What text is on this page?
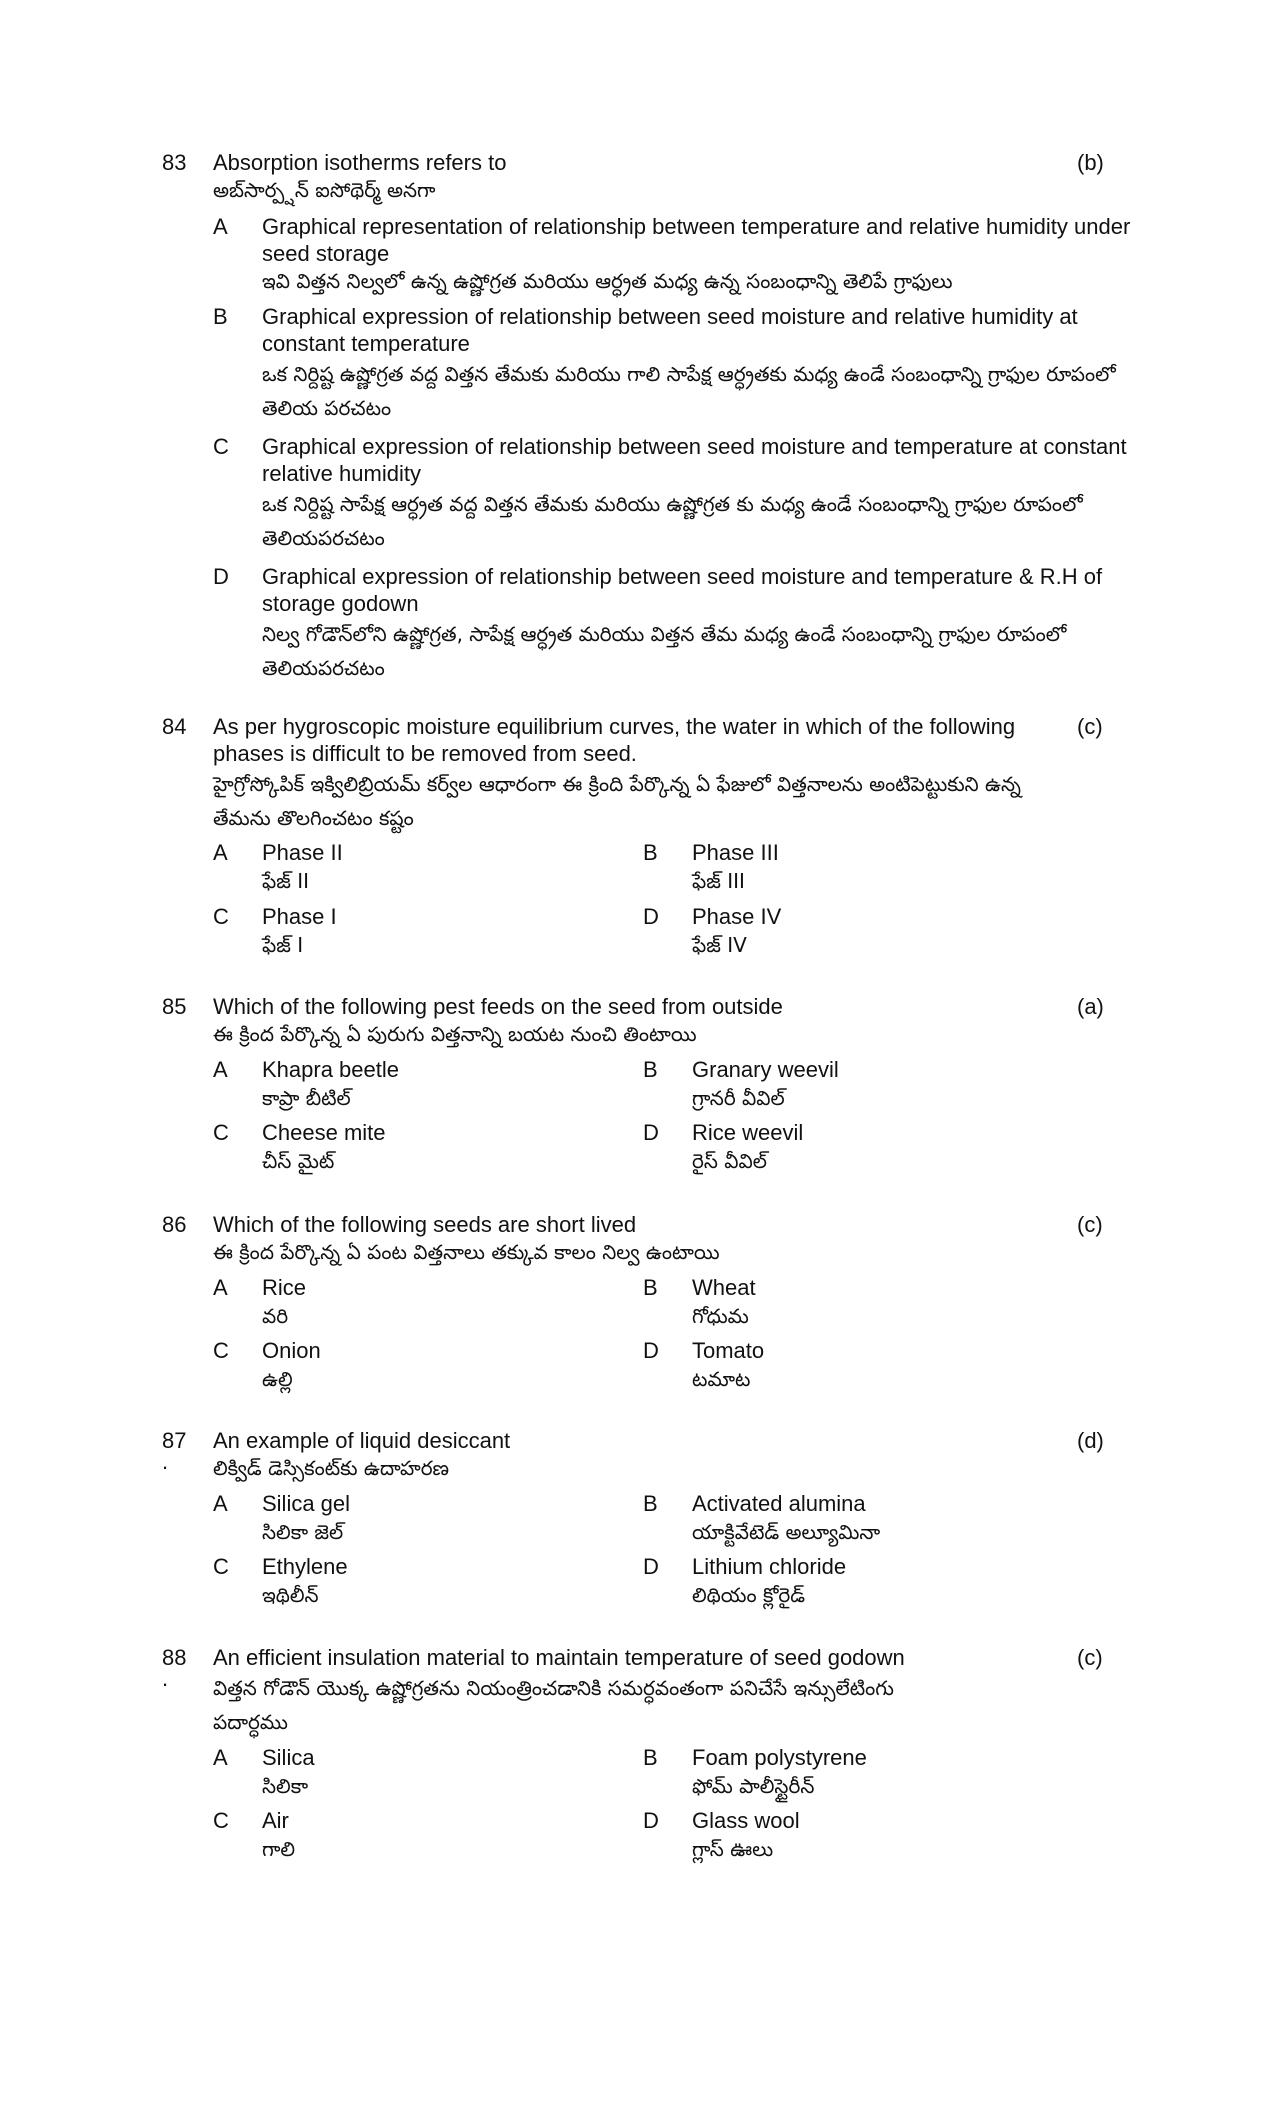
83	(b)
Absorption isotherms refers to
అబ్‌సార్ప్షన్ ఐసోథెర్మ్ అనగా
A Graphical representation of relationship between temperature and relative humidity under seed storage
ఇవి విత్తన నిల్వలో ఉన్న ఉష్ణోగ్రత మరియు ఆర్ధ్రత మధ్య ఉన్న సంబంధాన్ని తెలిపే గ్రాఫులు
B Graphical expression of relationship between seed moisture and relative humidity at constant temperature
ఒక నిర్దిష్ట ఉష్ణోగ్రత వద్ద విత్తన తేమకు మరియు గాలి సాపేక్ష ఆర్ధ్రతకు మధ్య ఉండే సంబంధాన్ని గ్రాఫుల రూపంలో తెలియ పరచటం
C Graphical expression of relationship between seed moisture and temperature at constant relative humidity
ఒక నిర్దిష్ట సాపేక్ష ఆర్ధ్రత వద్ద విత్తన తేమకు మరియు ఉష్ణోగ్రత కు మధ్య ఉండే సంబంధాన్ని గ్రాఫుల రూపంలో తెలియపరచటం
D Graphical expression of relationship between seed moisture and temperature & R.H of storage godown
నిల్వ గోడౌన్‌లోని ఉష్ణోగ్రత, సాపేక్ష ఆర్ధ్రత మరియు విత్తన తేమ మధ్య ఉండే సంబంధాన్ని గ్రాఫుల రూపంలో తెలియపరచటం
84	(c)
As per hygroscopic moisture equilibrium curves, the water in which of the following phases is difficult to be removed from seed.
హైగ్రోస్కోపిక్ ఇక్విలిబ్రియమ్ కర్వ్‌ల ఆధారంగా ఈ క్రింది పేర్కొన్న ఏ ఫేజులో విత్తనాలను అంటిపెట్టుకుని ఉన్న తేమను తొలగించటం కష్టం
A Phase II
ఫేజ్ II
B Phase III
ఫేజ్ III
C Phase I
ఫేజ్ I
D Phase IV
ఫేజ్ IV
85	(a)
Which of the following pest feeds on the seed from outside
ఈ క్రింద పేర్కొన్న ఏ పురుగు విత్తనాన్ని బయట నుంచి తింటాయి
A Khapra beetle
కాప్రా బీటిల్
B Granary weevil
గ్రానరీ వీవిల్
C Cheese mite
చీస్ మైట్
D Rice weevil
రైస్ వీవిల్
86	(c)
Which of the following seeds are short lived
ఈ క్రింద పేర్కొన్న ఏ పంట విత్తనాలు తక్కువ కాలం నిల్వ ఉంటాయి
A Rice
వరి
B Wheat
గోధుమ
C Onion
ఉల్లి
D Tomato
టమాట
87
.
(d)
An example of liquid desiccant
లిక్విడ్ డెస్సికంట్‌కు ఉదాహరణ
A Silica gel
సిలికా జెల్
B Activated alumina
యాక్టివేటెడ్ అల్యూమినా
C Ethylene
ఇథిలీన్
D Lithium chloride
లిథియం క్లోరైడ్
88
.
(c)
An efficient insulation material to maintain temperature of seed godown
విత్తన గోడౌన్ యొక్క ఉష్ణోగ్రతను నియంత్రించడానికి సమర్ధవంతంగా పనిచేసే ఇన్సులేటింగు పదార్ధము
A Silica
సిలికా
B Foam polystyrene
ఫోమ్ పాలీస్టైరీన్
C Air
గాలి
D Glass wool
గ్లాస్ ఊలు
